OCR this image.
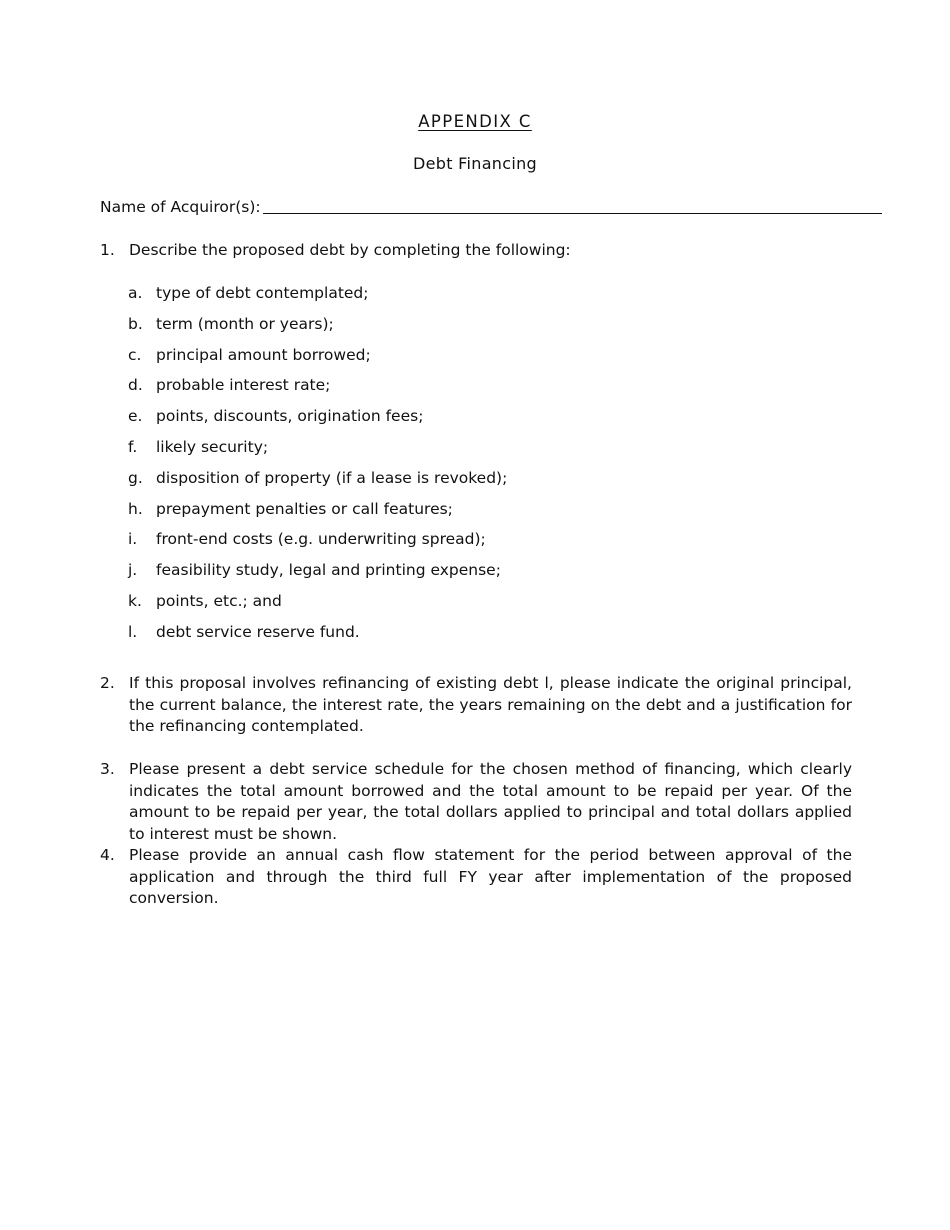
APPENDIX C
Debt Financing
Name of Acquiror(s):
1. Describe the proposed debt by completing the following:
a. type of debt contemplated;
b. term (month or years);
c. principal amount borrowed;
d. probable interest rate;
e. points, discounts, origination fees;
f.	likely security;
g. disposition of property (if a lease is revoked);
h. prepayment penalties or call features;
i.	front-end costs (e.g. underwriting spread);
j.	feasibility study, legal and printing expense;
k. points, etc.; and
l.	debt service reserve fund.
2. If this proposal involves refinancing of existing debt l, please indicate the original principal, the current balance, the interest rate, the years remaining on the debt and a justification for the refinancing contemplated.
3. Please present a debt service schedule for the chosen method of financing, which clearly indicates the total amount borrowed and the total amount to be repaid per year. Of the amount to be repaid per year, the total dollars applied to principal and total dollars applied to interest must be shown.
4. Please provide an annual cash flow statement for the period between approval of the application and through the third full FY year after implementation of the proposed conversion.
